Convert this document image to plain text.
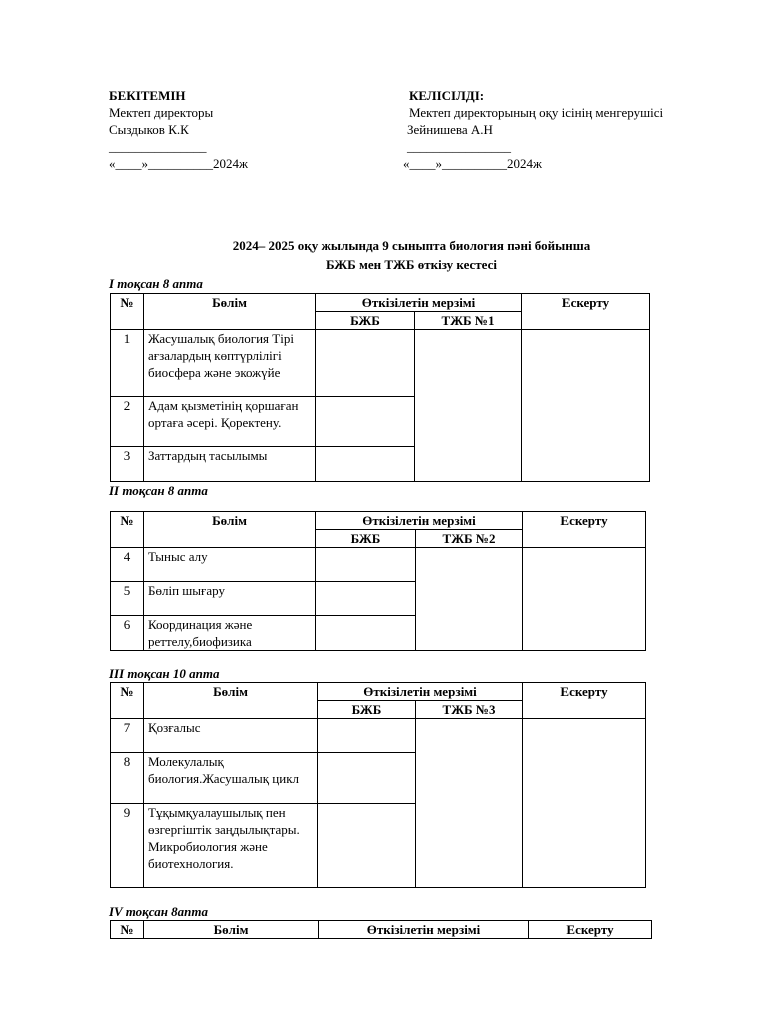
БЕКІТЕМІН
Мектеп директоры
Сыздыков К.К
_______________
«____»__________2024ж
КЕЛІСІЛДІ:
Мектеп директорының оқу ісінің менгерушісі
Зейнишева А.Н
________________
«____»__________2024ж
2024– 2025 оқу жылында 9 сыныпта биология пәні бойынша
БЖБ мен ТЖБ өткізу кестесі
І тоқсан 8 апта
№	Бөлім	Өткізілетін мерзімі		Ескерту
		БЖБ	ТЖБ №1	
1	Жасушалық биология Тірі ағзалардың көптүрлілігі биосфера және экожүйе			
2	Адам қызметінің қоршаған ортаға әсері. Қоректену.			
3	Заттардың тасылымы			
ІІ тоқсан 8 апта
№	Бөлім	Өткізілетін мерзімі		Ескерту
		БЖБ	ТЖБ №2	
4	Тыныс алу			
5	Бөліп шығару			
6	Координация және реттелу,биофизика			
ІІІ тоқсан 10 апта
№	Бөлім	Өткізілетін мерзімі		Ескерту
		БЖБ	ТЖБ №3	
7	Қозғалыс			
8	Молекулалық биология.Жасушалық цикл			
9	Тұқымқуалаушылық пен өзгергіштік заңдылықтары. Микробиология және биотехнология.			
ІV тоқсан 8апта
№	Бөлім	Өткізілетін мерзімі	Ескерту
